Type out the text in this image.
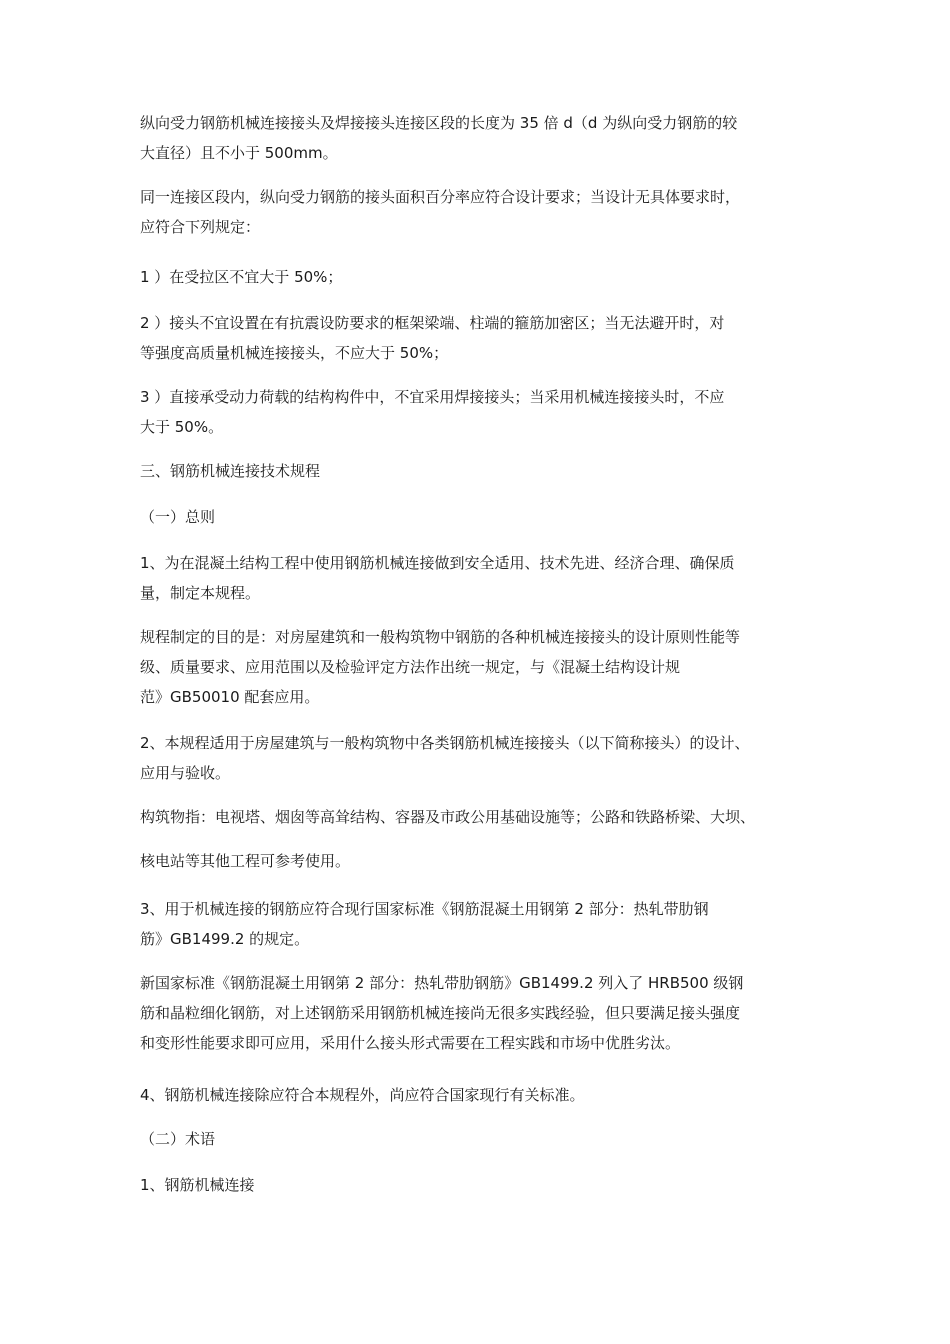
纵向受力钢筋机械连接接头及焊接接头连接区段的长度为 35 倍 d（d 为纵向受力钢筋的较
大直径）且不小于 500mm。

同一连接区段内，纵向受力钢筋的接头面积百分率应符合设计要求；当设计无具体要求时，
应符合下列规定：

1 ）在受拉区不宜大于 50%；

2 ）接头不宜设置在有抗震设防要求的框架梁端、柱端的箍筋加密区；当无法避开时，对
等强度高质量机械连接接头，不应大于 50%；

3 ）直接承受动力荷载的结构构件中，不宜采用焊接接头；当采用机械连接接头时，不应
大于 50%。

三、钢筋机械连接技术规程

（一）总则

1、为在混凝土结构工程中使用钢筋机械连接做到安全适用、技术先进、经济合理、确保质
量，制定本规程。

规程制定的目的是：对房屋建筑和一般构筑物中钢筋的各种机械连接接头的设计原则性能等
级、质量要求、应用范围以及检验评定方法作出统一规定，与《混凝土结构设计规
范》GB50010 配套应用。

2、本规程适用于房屋建筑与一般构筑物中各类钢筋机械连接接头（以下简称接头）的设计、
应用与验收。

构筑物指：电视塔、烟囱等高耸结构、容器及市政公用基础设施等；公路和铁路桥梁、大坝、

核电站等其他工程可参考使用。

3、用于机械连接的钢筋应符合现行国家标准《钢筋混凝土用钢第 2 部分：热轧带肋钢
筋》GB1499.2 的规定。

新国家标准《钢筋混凝土用钢第 2 部分：热轧带肋钢筋》GB1499.2 列入了 HRB500 级钢
筋和晶粒细化钢筋，对上述钢筋采用钢筋机械连接尚无很多实践经验，但只要满足接头强度
和变形性能要求即可应用，采用什么接头形式需要在工程实践和市场中优胜劣汰。

4、钢筋机械连接除应符合本规程外，尚应符合国家现行有关标准。

（二）术语

1、钢筋机械连接
